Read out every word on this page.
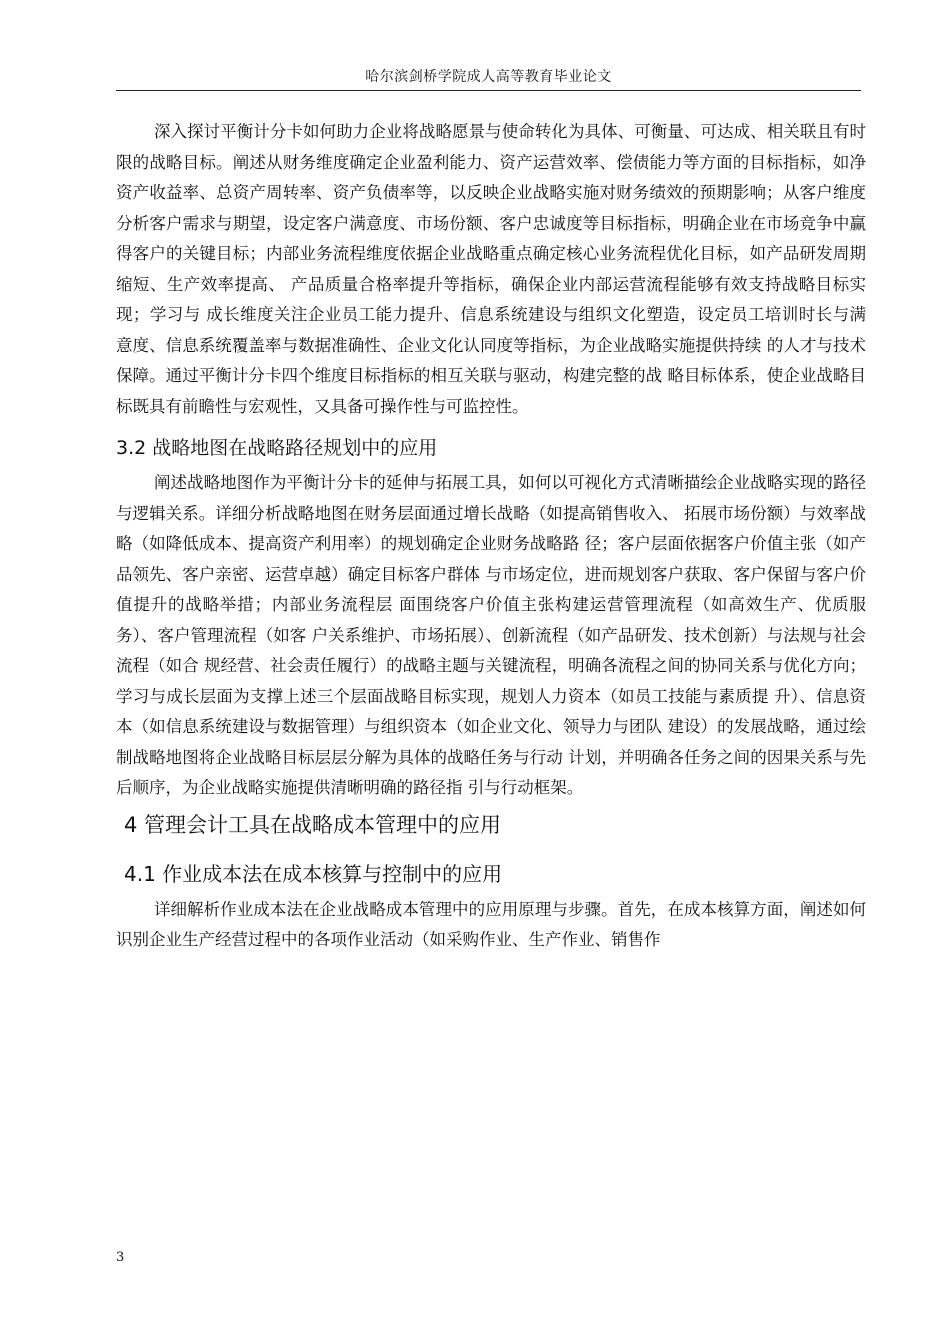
哈尔滨剑桥学院成人高等教育毕业论文

深入探讨平衡计分卡如何助力企业将战略愿景与使命转化为具体、可衡量、可达成、相关联且有时限的战略目标。阐述从财务维度确定企业盈利能力、资产运营效率、偿债能力等方面的目标指标，如净资产收益率、总资产周转率、资产负债率等，以反映企业战略实施对财务绩效的预期影响；从客户维度分析客户需求与期望，设定客户满意度、市场份额、客户忠诚度等目标指标，明确企业在市场竞争中赢得客户的关键目标；内部业务流程维度依据企业战略重点确定核心业务流程优化目标，如产品研发周期缩短、生产效率提高、 产品质量合格率提升等指标，确保企业内部运营流程能够有效支持战略目标实现；学习与 成长维度关注企业员工能力提升、信息系统建设与组织文化塑造，设定员工培训时长与满 意度、信息系统覆盖率与数据准确性、企业文化认同度等指标，为企业战略实施提供持续 的人才与技术保障。通过平衡计分卡四个维度目标指标的相互关联与驱动，构建完整的战 略目标体系，使企业战略目标既具有前瞻性与宏观性，又具备可操作性与可监控性。

3.2 战略地图在战略路径规划中的应用

阐述战略地图作为平衡计分卡的延伸与拓展工具，如何以可视化方式清晰描绘企业战略实现的路径与逻辑关系。详细分析战略地图在财务层面通过增长战略（如提高销售收入、 拓展市场份额）与效率战略（如降低成本、提高资产利用率）的规划确定企业财务战略路 径；客户层面依据客户价值主张（如产品领先、客户亲密、运营卓越）确定目标客户群体 与市场定位，进而规划客户获取、客户保留与客户价值提升的战略举措；内部业务流程层 面围绕客户价值主张构建运营管理流程（如高效生产、优质服务）、客户管理流程（如客 户关系维护、市场拓展）、创新流程（如产品研发、技术创新）与法规与社会流程（如合 规经营、社会责任履行）的战略主题与关键流程，明确各流程之间的协同关系与优化方向； 学习与成长层面为支撑上述三个层面战略目标实现，规划人力资本（如员工技能与素质提 升）、信息资本（如信息系统建设与数据管理）与组织资本（如企业文化、领导力与团队 建设）的发展战略，通过绘制战略地图将企业战略目标层层分解为具体的战略任务与行动 计划，并明确各任务之间的因果关系与先后顺序，为企业战略实施提供清晰明确的路径指 引与行动框架。

4 管理会计工具在战略成本管理中的应用
4.1 作业成本法在成本核算与控制中的应用

详细解析作业成本法在企业战略成本管理中的应用原理与步骤。首先，在成本核算方面，阐述如何识别企业生产经营过程中的各项作业活动（如采购作业、生产作业、销售作

3
